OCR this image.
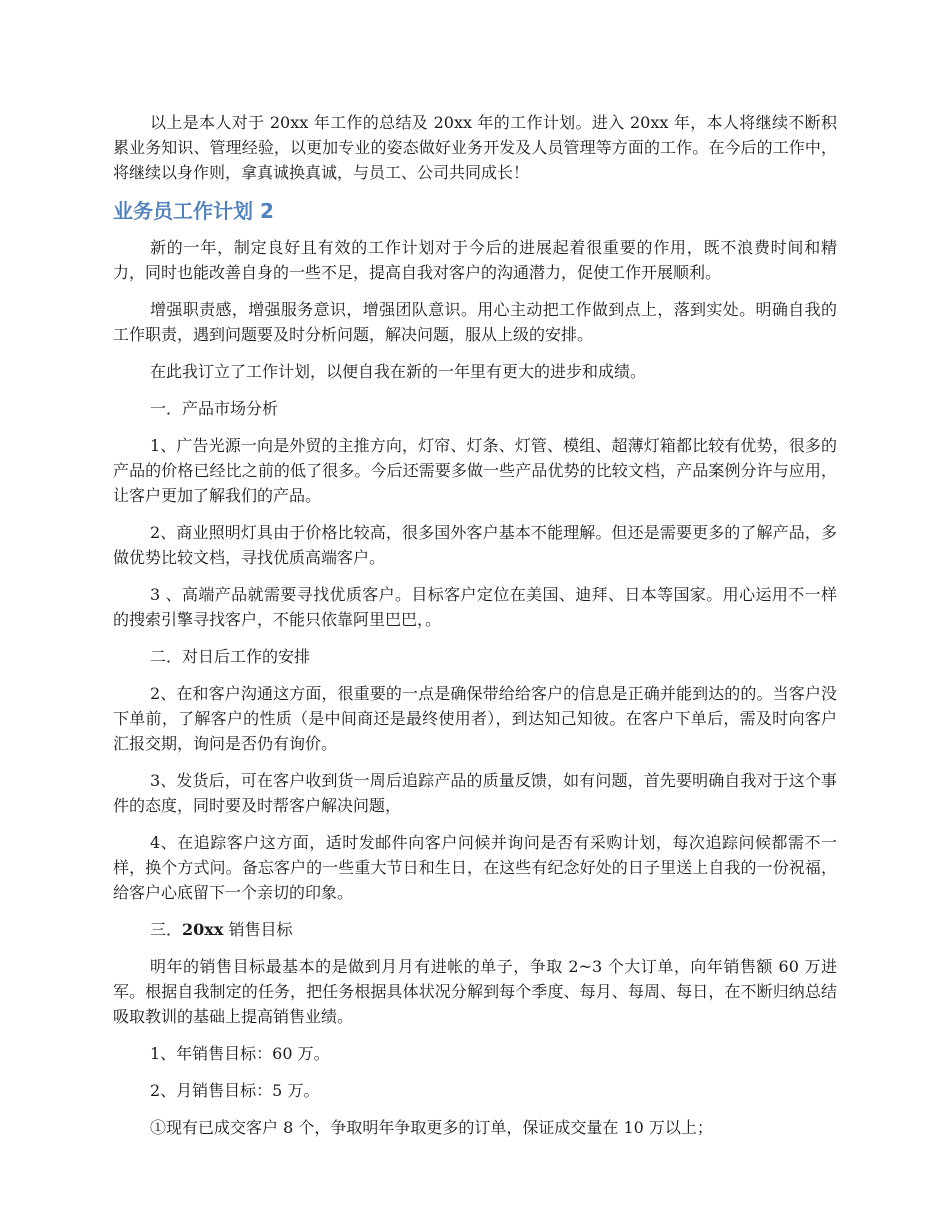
以上是本人对于 20xx 年工作的总结及 20xx 年的工作计划。进入 20xx 年，本人将继续不断积累业务知识、管理经验，以更加专业的姿态做好业务开发及人员管理等方面的工作。在今后的工作中，将继续以身作则，拿真诚换真诚，与员工、公司共同成长！

业务员工作计划 2

新的一年，制定良好且有效的工作计划对于今后的进展起着很重要的作用，既不浪费时间和精力，同时也能改善自身的一些不足，提高自我对客户的沟通潜力，促使工作开展顺利。

增强职责感，增强服务意识，增强团队意识。用心主动把工作做到点上，落到实处。明确自我的工作职责，遇到问题要及时分析问题，解决问题，服从上级的安排。

在此我订立了工作计划，以便自我在新的一年里有更大的进步和成绩。

一．产品市场分析

1、广告光源一向是外贸的主推方向，灯帘、灯条、灯管、模组、超薄灯箱都比较有优势，很多的产品的价格已经比之前的低了很多。今后还需要多做一些产品优势的比较文档，产品案例分许与应用，让客户更加了解我们的产品。

2、商业照明灯具由于价格比较高，很多国外客户基本不能理解。但还是需要更多的了解产品，多做优势比较文档，寻找优质高端客户。

3 、高端产品就需要寻找优质客户。目标客户定位在美国、迪拜、日本等国家。用心运用不一样的搜索引擎寻找客户，不能只依靠阿里巴巴，。

二．对日后工作的安排

2、在和客户沟通这方面，很重要的一点是确保带给给客户的信息是正确并能到达的的。当客户没下单前，了解客户的性质（是中间商还是最终使用者），到达知己知彼。在客户下单后，需及时向客户汇报交期，询问是否仍有询价。

3、发货后，可在客户收到货一周后追踪产品的质量反馈，如有问题，首先要明确自我对于这个事件的态度，同时要及时帮客户解决问题，

4、在追踪客户这方面，适时发邮件向客户问候并询问是否有采购计划，每次追踪问候都需不一样，换个方式问。备忘客户的一些重大节日和生日，在这些有纪念好处的日子里送上自我的一份祝福，给客户心底留下一个亲切的印象。

三．20xx 销售目标

明年的销售目标最基本的是做到月月有进帐的单子，争取 2~3 个大订单，向年销售额 60 万进军。根据自我制定的任务，把任务根据具体状况分解到每个季度、每月、每周、每日，在不断归纳总结吸取教训的基础上提高销售业绩。

1、年销售目标：60 万。

2、月销售目标：5 万。

①现有已成交客户 8 个，争取明年争取更多的订单，保证成交量在 10 万以上；
